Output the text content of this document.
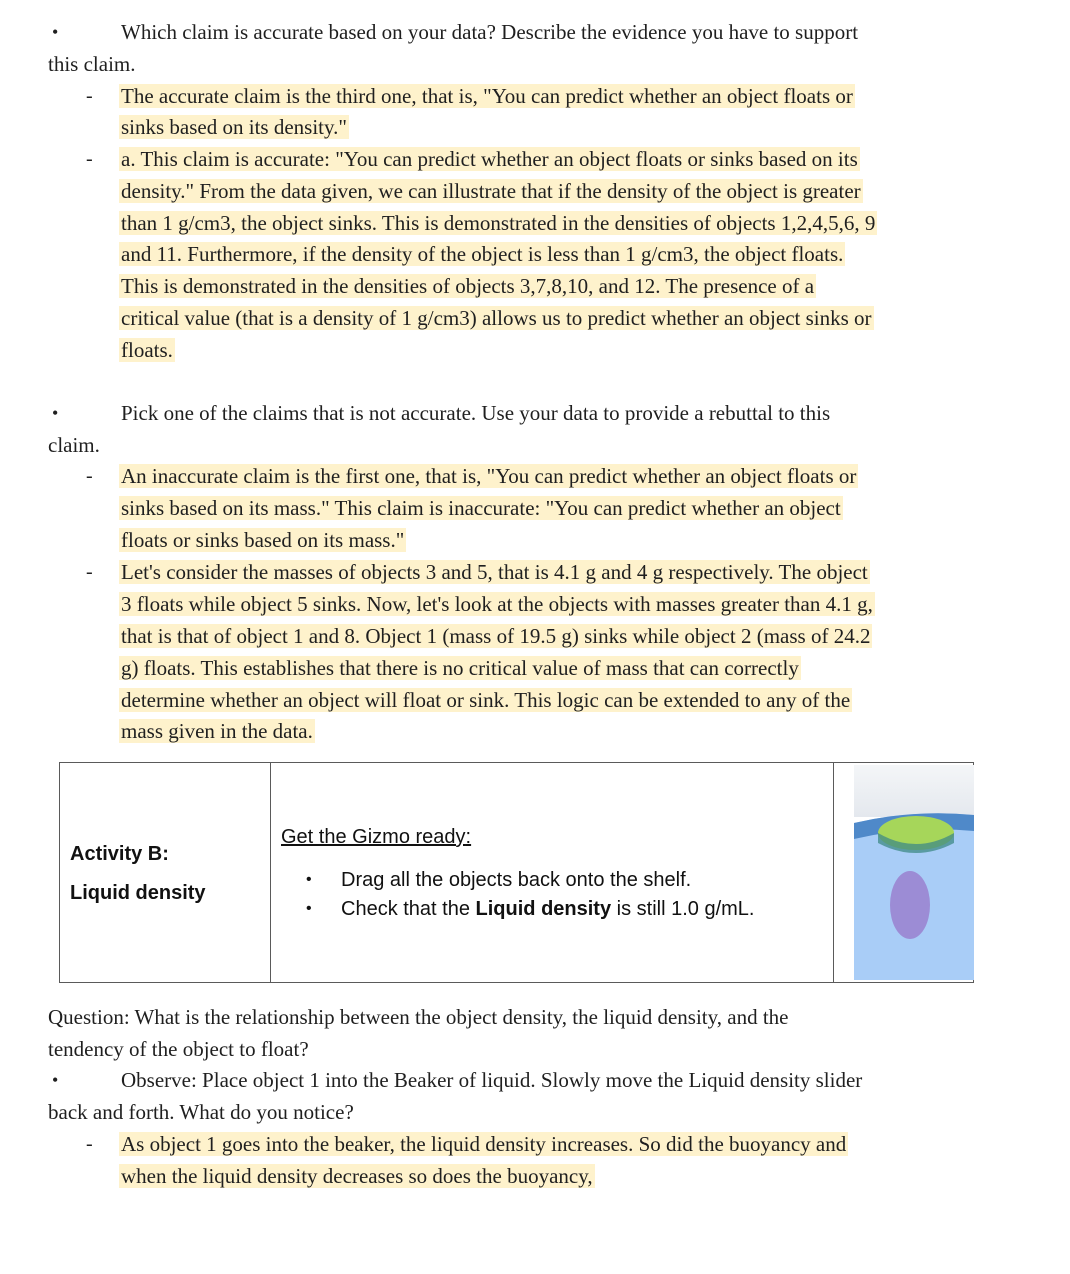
•	Which claim is accurate based on your data? Describe the evidence you have to support
this claim.
- The accurate claim is the third one, that is, "You can predict whether an object floats or
sinks based on its density."
- a. This claim is accurate: "You can predict whether an object floats or sinks based on its
density." From the data given, we can illustrate that if the density of the object is greater
than 1 g/cm3, the object sinks. This is demonstrated in the densities of objects 1,2,4,5,6, 9
and 11. Furthermore, if the density of the object is less than 1 g/cm3, the object floats.
This is demonstrated in the densities of objects 3,7,8,10, and 12. The presence of a
critical value (that is a density of 1 g/cm3) allows us to predict whether an object sinks or
floats.
•	Pick one of the claims that is not accurate. Use your data to provide a rebuttal to this
claim.
- An inaccurate claim is the first one, that is, "You can predict whether an object floats or
sinks based on its mass." This claim is inaccurate: "You can predict whether an object
floats or sinks based on its mass."
- Let's consider the masses of objects 3 and 5, that is 4.1 g and 4 g respectively. The object
3 floats while object 5 sinks. Now, let's look at the objects with masses greater than 4.1 g,
that is that of object 1 and 8. Object 1 (mass of 19.5 g) sinks while object 2 (mass of 24.2
g) floats. This establishes that there is no critical value of mass that can correctly
determine whether an object will float or sink. This logic can be extended to any of the
mass given in the data.
Activity B:
Liquid density
Get the Gizmo ready:
• Drag all the objects back onto the shelf.
• Check that the Liquid density is still 1.0 g/mL.
Question: What is the relationship between the object density, the liquid density, and the
tendency of the object to float?
•	Observe: Place object 1 into the Beaker of liquid. Slowly move the Liquid density slider
back and forth. What do you notice?
- As object 1 goes into the beaker, the liquid density increases. So did the buoyancy and
when the liquid density decreases so does the buoyancy,
